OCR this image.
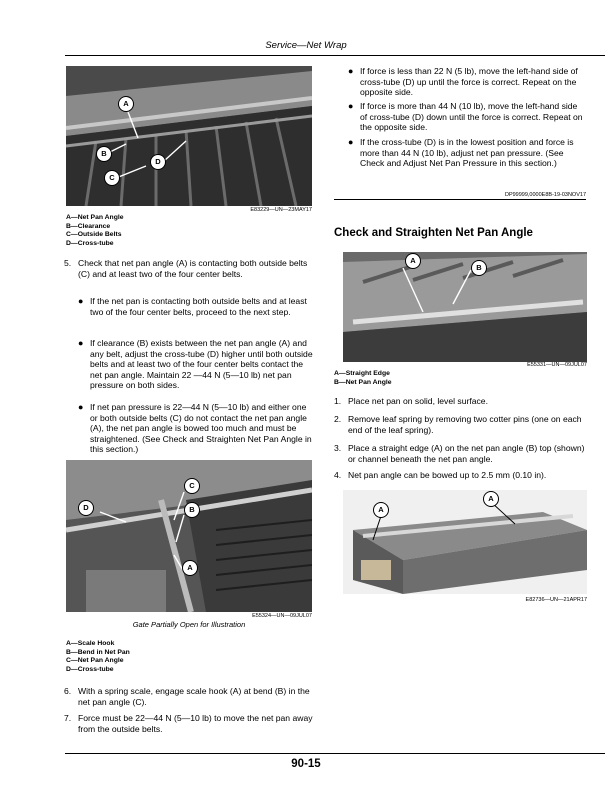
Service—Net Wrap
A
B
C
D
E83229—UN—23MAY17
A—Net Pan Angle
B—Clearance
C—Outside Belts
D—Cross-tube
5. Check that net pan angle (A) is contacting both outside belts (C) and at least two of the four center belts.
● If the net pan is contacting both outside belts and at least two of the four center belts, proceed to the next step.
● If clearance (B) exists between the net pan angle (A) and any belt, adjust the cross-tube (D) higher until both outside belts and at least two of the four center belts contact the net pan angle. Maintain 22 —44 N (5—10 lb) net pan pressure on both sides.
● If net pan pressure is 22—44 N (5—10 lb) and either one or both outside belts (C) do not contact the net pan angle (A), the net pan angle is bowed too much and must be straightened. (See Check and Straighten Net Pan Angle in this section.)
C
D	B
A
E55324—UN—09JUL07
Gate Partially Open for Illustration
A—Scale Hook
B—Bend in Net Pan
C—Net Pan Angle
D—Cross-tube
6. With a spring scale, engage scale hook (A) at bend (B) in the net pan angle (C).
7. Force must be 22—44 N (5—10 lb) to move the net pan away from the outside belts.
● If force is less than 22 N (5 lb), move the left-hand side of cross-tube (D) up until the force is correct. Repeat on the opposite side.
● If force is more than 44 N (10 lb), move the left-hand side of cross-tube (D) down until the force is correct. Repeat on the opposite side.
● If the cross-tube (D) is in the lowest position and force is more than 44 N (10 lb), adjust net pan pressure. (See Check and Adjust Net Pan Pressure in this section.)
DP99999,0000E8B-19-03NOV17
Check and Straighten Net Pan Angle
A
B
E55331—UN—09JUL07
A—Straight Edge
B—Net Pan Angle
1. Place net pan on solid, level surface.
2. Remove leaf spring by removing two cotter pins (one on each end of the leaf spring).
3. Place a straight edge (A) on the net pan angle (B) top (shown) or channel beneath the net pan angle.
4. Net pan angle can be bowed up to 2.5 mm (0.10 in).
A
A
E82736—UN—21APR17
90-15
